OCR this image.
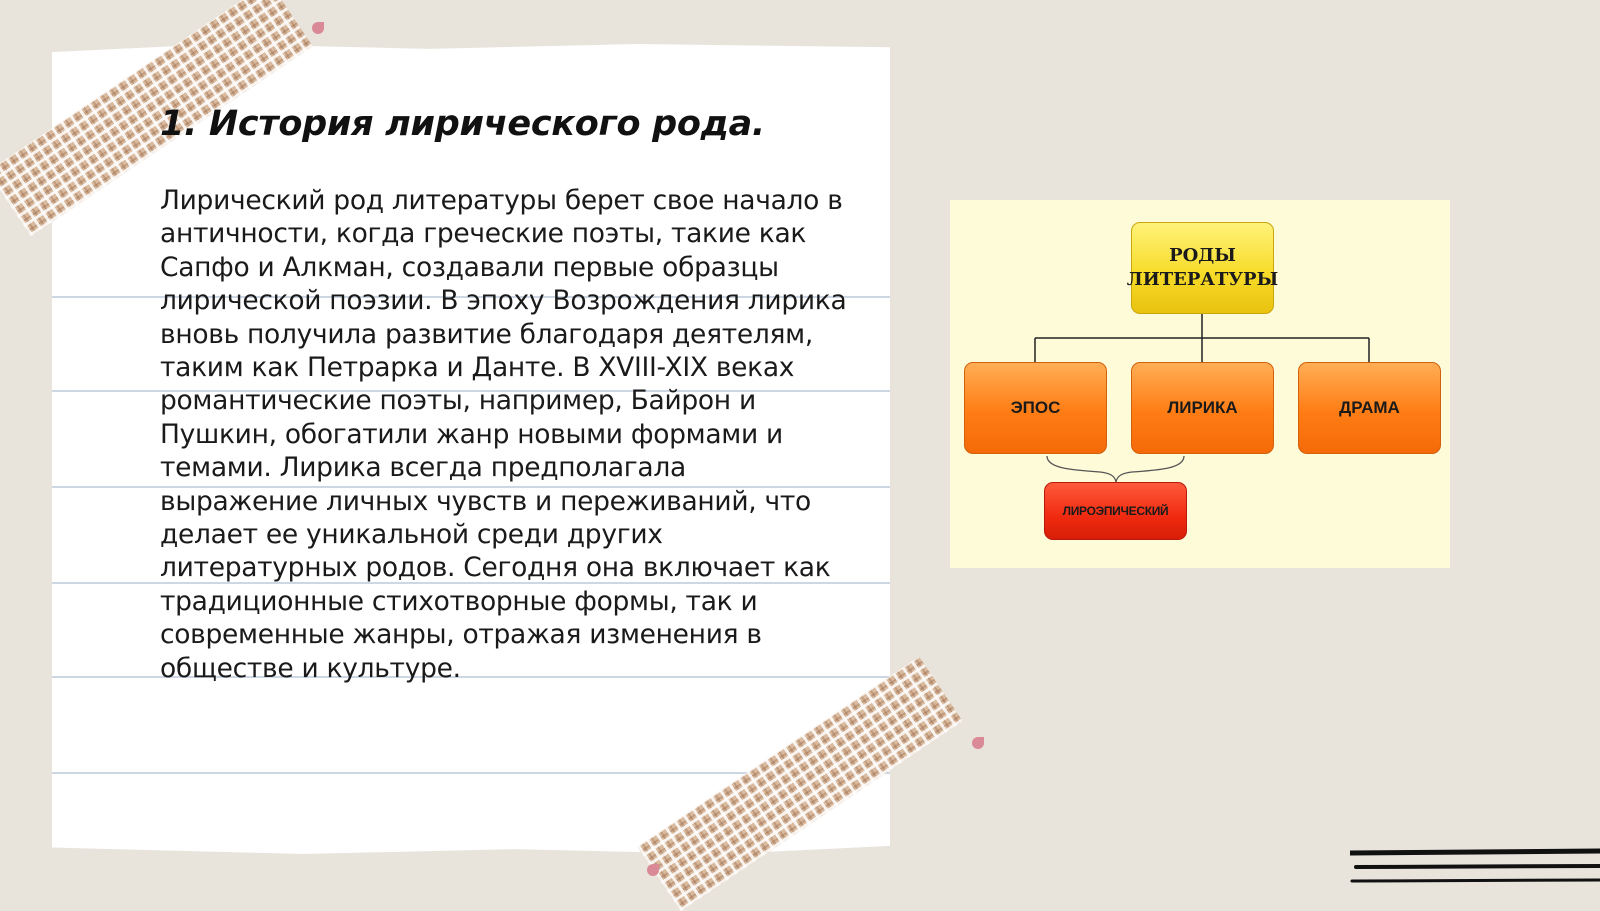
1. История лирического рода.

Лирический род литературы берет свое начало в античности, когда греческие поэты, такие как Сапфо и Алкман, создавали первые образцы лирической поэзии. В эпоху Возрождения лирика вновь получила развитие благодаря деятелям, таким как Петрарка и Данте. В XVIII-XIX веках романтические поэты, например, Байрон и Пушкин, обогатили жанр новыми формами и темами. Лирика всегда предполагала выражение личных чувств и переживаний, что делает ее уникальной среди других литературных родов. Сегодня она включает как традиционные стихотворные формы, так и современные жанры, отражая изменения в обществе и культуре.

РОДЫ ЛИТЕРАТУРЫ
ЭПОС	ЛИРИКА	ДРАМА
ЛИРОЭПИЧЕСКИЙ
